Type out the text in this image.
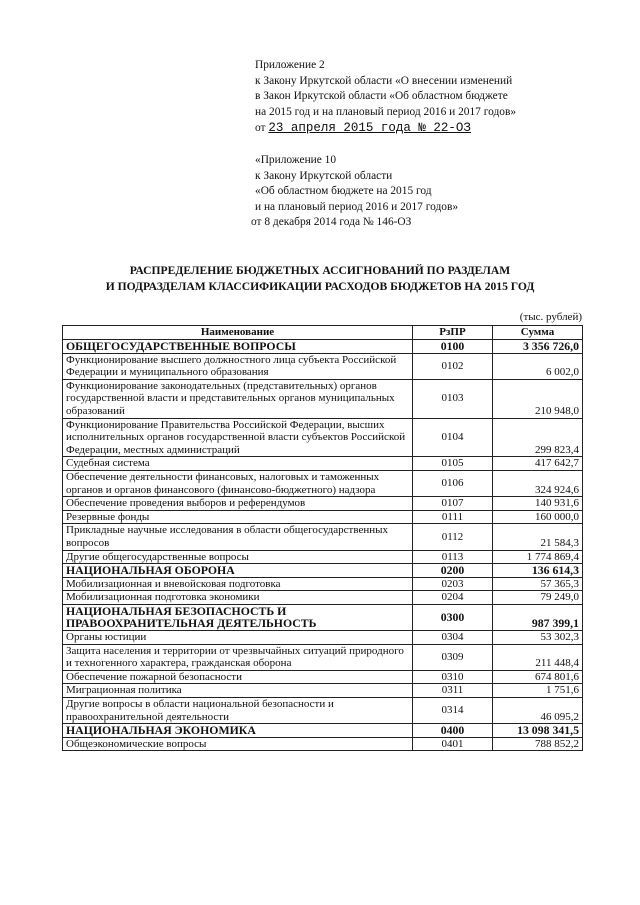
Приложение 2
к Закону Иркутской области «О внесении изменений
в Закон Иркутской области «Об областном бюджете
на 2015 год и на плановый период 2016 и 2017 годов»
от 23 апреля 2015 года № 22-ОЗ
«Приложение 10
к Закону Иркутской области
«Об областном бюджете на 2015 год
и на плановый период 2016 и 2017 годов»
от 8 декабря 2014 года № 146-ОЗ
РАСПРЕДЕЛЕНИЕ БЮДЖЕТНЫХ АССИГНОВАНИЙ ПО РАЗДЕЛАМ
И ПОДРАЗДЕЛАМ КЛАССИФИКАЦИИ РАСХОДОВ БЮДЖЕТОВ НА 2015 ГОД
(тыс. рублей)
Наименование	РзПР	Сумма
ОБЩЕГОСУДАРСТВЕННЫЕ ВОПРОСЫ	0100	3 356 726,0
Функционирование высшего должностного лица субъекта Российской Федерации и муниципального образования	0102	6 002,0
Функционирование законодательных (представительных) органов государственной власти и представительных органов муниципальных образований	0103	210 948,0
Функционирование Правительства Российской Федерации, высших исполнительных органов государственной власти субъектов Российской Федерации, местных администраций	0104	299 823,4
Судебная система	0105	417 642,7
Обеспечение деятельности финансовых, налоговых и таможенных органов и органов финансового (финансово-бюджетного) надзора	0106	324 924,6
Обеспечение проведения выборов и референдумов	0107	140 931,6
Резервные фонды	0111	160 000,0
Прикладные научные исследования в области общегосударственных вопросов	0112	21 584,3
Другие общегосударственные вопросы	0113	1 774 869,4
НАЦИОНАЛЬНАЯ ОБОРОНА	0200	136 614,3
Мобилизационная и вневойсковая подготовка	0203	57 365,3
Мобилизационная подготовка экономики	0204	79 249,0
НАЦИОНАЛЬНАЯ БЕЗОПАСНОСТЬ И ПРАВООХРАНИТЕЛЬНАЯ ДЕЯТЕЛЬНОСТЬ	0300	987 399,1
Органы юстиции	0304	53 302,3
Защита населения и территории от чрезвычайных ситуаций природного и техногенного характера, гражданская оборона	0309	211 448,4
Обеспечение пожарной безопасности	0310	674 801,6
Миграционная политика	0311	1 751,6
Другие вопросы в области национальной безопасности и правоохранительной деятельности	0314	46 095,2
НАЦИОНАЛЬНАЯ ЭКОНОМИКА	0400	13 098 341,5
Общеэкономические вопросы	0401	788 852,2
